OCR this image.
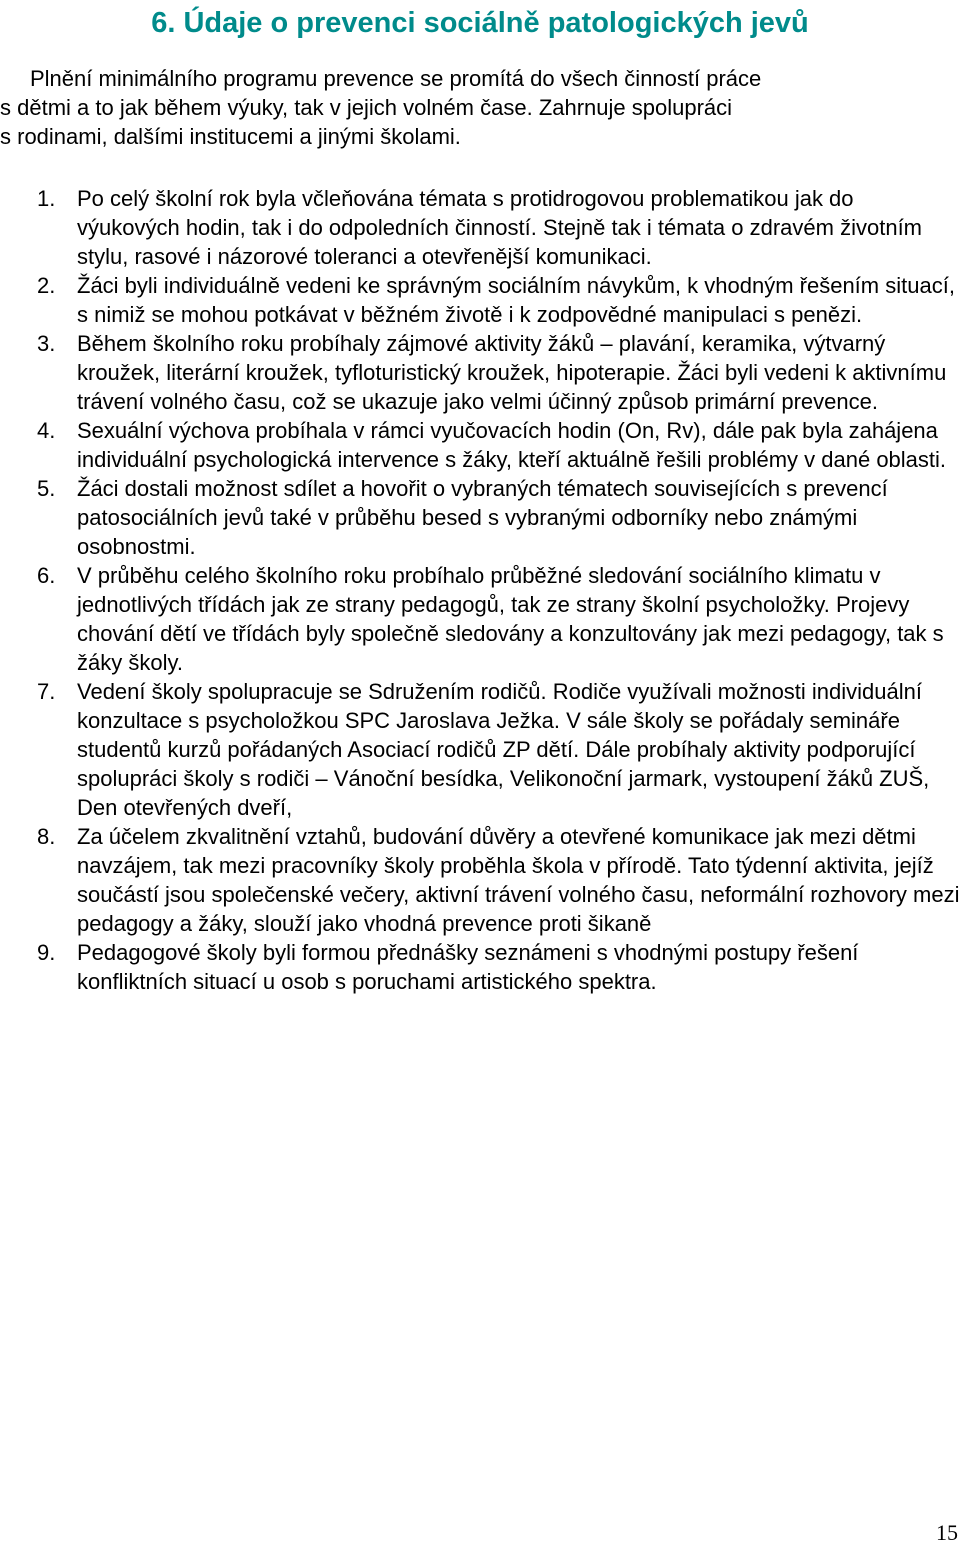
6. Údaje o prevenci sociálně patologických jevů

Plnění minimálního programu prevence se promítá do všech činností práce
s dětmi a to jak během výuky, tak v jejich volném čase. Zahrnuje spolupráci
s rodinami, dalšími institucemi a jinými školami.

1. Po celý školní rok byla včleňována témata s protidrogovou problematikou jak do výukových hodin, tak i do odpoledních činností. Stejně tak i témata o zdravém životním stylu, rasové i názorové toleranci a otevřenější komunikaci.
2. Žáci byli individuálně vedeni ke správným sociálním návykům, k vhodným řešením situací, s nimiž se mohou potkávat v běžném životě i k zodpovědné manipulaci s penězi.
3. Během školního roku probíhaly zájmové aktivity žáků – plavání, keramika, výtvarný kroužek, literární kroužek, tyfloturistický kroužek, hipoterapie. Žáci byli vedeni k aktivnímu trávení volného času, což se ukazuje jako velmi účinný způsob primární prevence.
4. Sexuální výchova probíhala v rámci vyučovacích hodin (On, Rv), dále pak byla zahájena individuální psychologická intervence s žáky, kteří aktuálně řešili problémy v dané oblasti.
5. Žáci dostali možnost sdílet a hovořit o vybraných tématech souvisejících s prevencí patosociálních jevů také v průběhu besed s vybranými odborníky nebo známými osobnostmi.
6. V průběhu celého školního roku probíhalo průběžné sledování sociálního klimatu v jednotlivých třídách jak ze strany pedagogů, tak ze strany školní psycholožky. Projevy chování dětí ve třídách byly společně sledovány a konzultovány jak mezi pedagogy, tak s žáky školy.
7. Vedení školy spolupracuje se Sdružením rodičů. Rodiče využívali možnosti individuální konzultace s psycholožkou SPC Jaroslava Ježka. V sále školy se pořádaly semináře studentů kurzů pořádaných Asociací rodičů ZP dětí. Dále probíhaly aktivity podporující spolupráci školy s rodiči – Vánoční besídka, Velikonoční jarmark, vystoupení žáků ZUŠ, Den otevřených dveří,
8. Za účelem zkvalitnění vztahů, budování důvěry a otevřené komunikace jak mezi dětmi navzájem, tak mezi pracovníky školy proběhla škola v přírodě. Tato týdenní aktivita, jejíž součástí jsou společenské večery, aktivní trávení volného času, neformální rozhovory mezi pedagogy a žáky, slouží jako vhodná prevence proti šikaně
9. Pedagogové školy byli formou přednášky seznámeni s vhodnými postupy řešení konfliktních situací u osob s poruchami artistického spektra.
15
